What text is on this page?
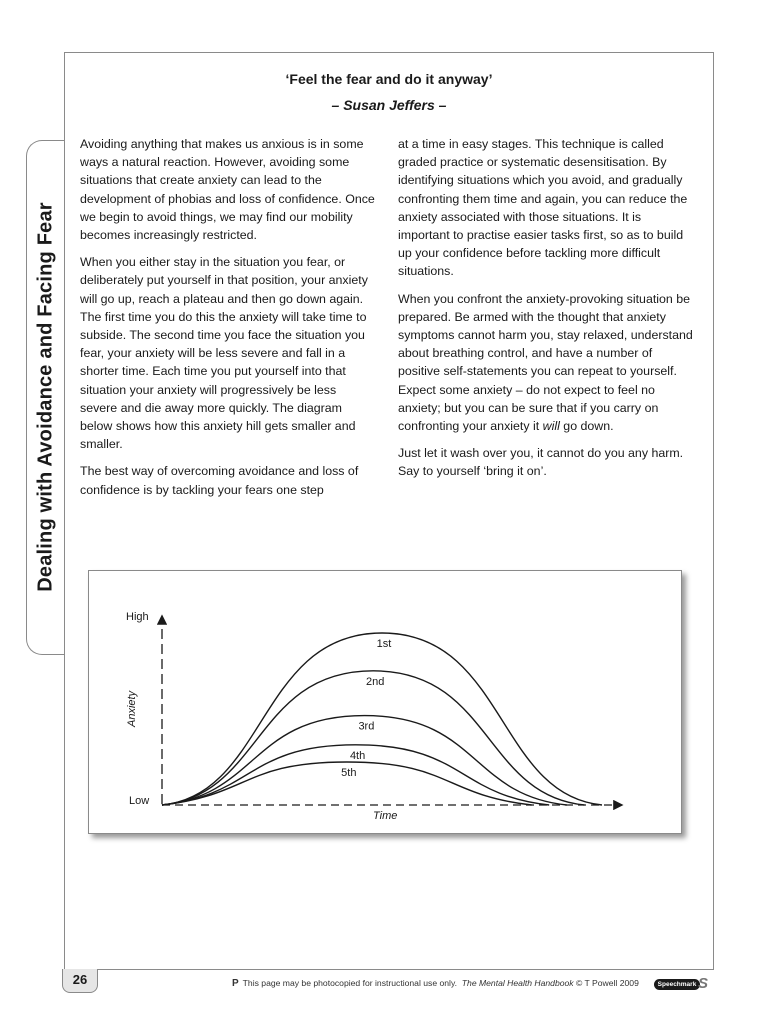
Dealing with Avoidance and Facing Fear
‘Feel the fear and do it anyway’
– Susan Jeffers –

Avoiding anything that makes us anxious is in some ways a natural reaction. However, avoiding some situations that create anxiety can lead to the development of phobias and loss of confidence. Once we begin to avoid things, we may find our mobility becomes increasingly restricted.

When you either stay in the situation you fear, or deliberately put yourself in that position, your anxiety will go up, reach a plateau and then go down again. The first time you do this the anxiety will take time to subside. The second time you face the situation you fear, your anxiety will be less severe and fall in a shorter time. Each time you put yourself into that situation your anxiety will progressively be less severe and die away more quickly. The diagram below shows how this anxiety hill gets smaller and smaller.

The best way of overcoming avoidance and loss of confidence is by tackling your fears one step

at a time in easy stages. This technique is called graded practice or systematic desensitisation. By identifying situations which you avoid, and gradually confronting them time and again, you can reduce the anxiety associated with those situations. It is important to practise easier tasks first, so as to build up your confidence before tackling more difficult situations.

When you confront the anxiety-provoking situation be prepared. Be armed with the thought that anxiety symptoms cannot harm you, stay relaxed, understand about breathing control, and have a number of positive self-statements you can repeat to yourself. Expect some anxiety – do not expect to feel no anxiety; but you can be sure that if you carry on confronting your anxiety it will go down.

Just let it wash over you, it cannot do you any harm. Say to yourself ‘bring it on’.

High
Low
Anxiety
Time
1st
2nd
3rd
4th
5th
26	P This page may be photocopied for instructional use only. The Mental Health Handbook © T Powell 2009	Speechmark S
